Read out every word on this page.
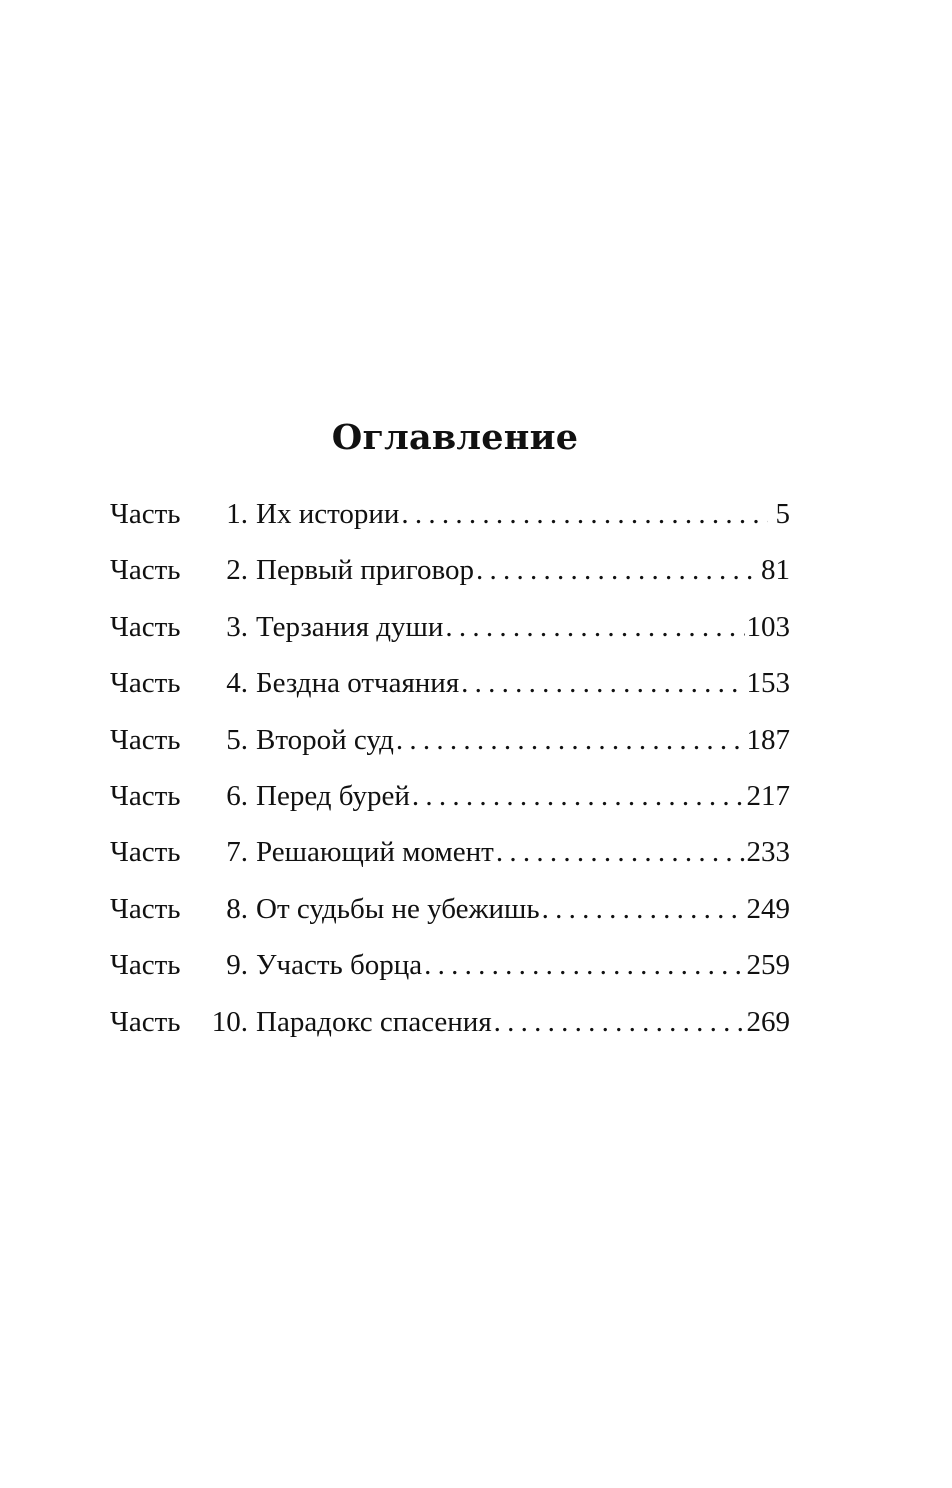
Оглавление
Часть	1. Их истории . . .	5
Часть	2. Первый приговор . . .	81
Часть	3. Терзания души . . .	103
Часть	4. Бездна отчаяния . . .	153
Часть	5. Второй суд . . .	187
Часть	6. Перед бурей . . .	217
Часть	7. Решающий момент . . .	233
Часть	8. От судьбы не убежишь . . .	249
Часть	9. Участь борца . . .	259
Часть	10. Парадокс спасения . . .	269
